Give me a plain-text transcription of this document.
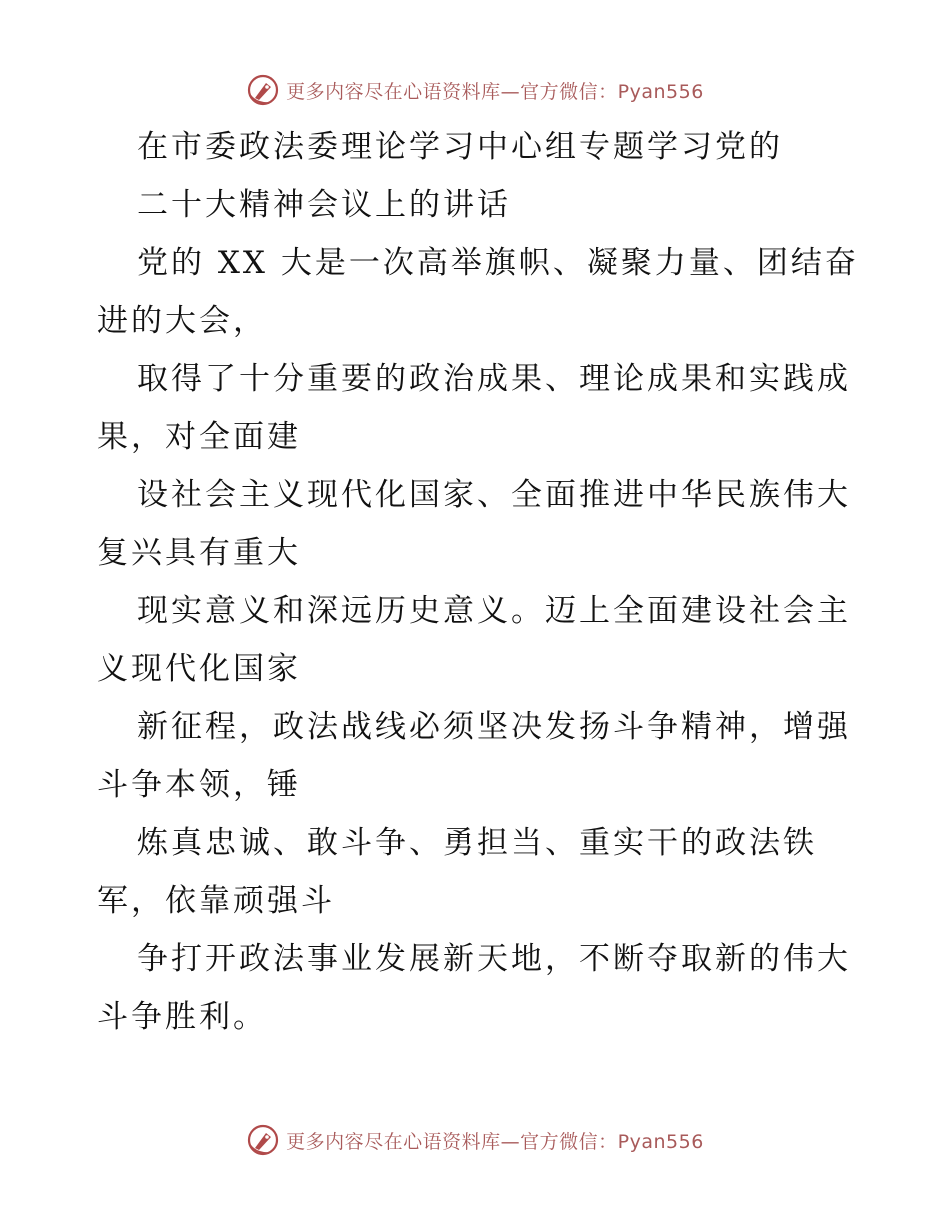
更多内容尽在心语资料库—官方微信：Pyan556
在市委政法委理论学习中心组专题学习党的
二十大精神会议上的讲话
党的 XX 大是一次高举旗帜、凝聚力量、团结奋
进的大会，
取得了十分重要的政治成果、理论成果和实践成
果，对全面建
设社会主义现代化国家、全面推进中华民族伟大
复兴具有重大
现实意义和深远历史意义。迈上全面建设社会主
义现代化国家
新征程，政法战线必须坚决发扬斗争精神，增强
斗争本领，锤
炼真忠诚、敢斗争、勇担当、重实干的政法铁
军，依靠顽强斗
争打开政法事业发展新天地，不断夺取新的伟大
斗争胜利。
更多内容尽在心语资料库—官方微信：Pyan556
